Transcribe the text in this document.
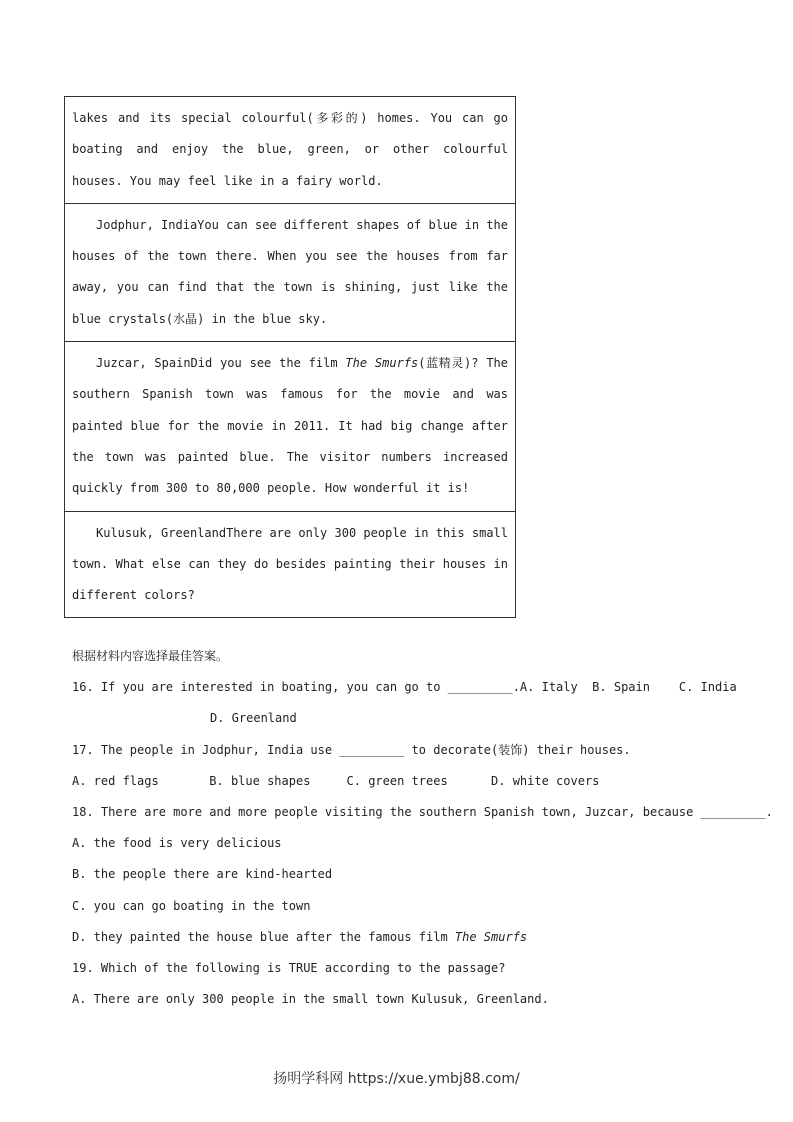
lakes and its special colourful(多彩的) homes. You can go boating and enjoy the blue, green, or other colourful houses. You may feel like in a fairy world.

Jodphur, IndiaYou can see different shapes of blue in the houses of the town there. When you see the houses from far away, you can find that the town is shining, just like the blue crystals(水晶) in the blue sky.

Juzcar, SpainDid you see the film The Smurfs(蓝精灵)? The southern Spanish town was famous for the movie and was painted blue for the movie in 2011. It had big change after the town was painted blue. The visitor numbers increased quickly from 300 to 80,000 people. How wonderful it is!

Kulusuk, GreenlandThere are only 300 people in this small town. What else can they do besides painting their houses in different colors?

根据材料内容选择最佳答案。
16. If you are interested in boating, you can go to _________.A. Italy  B. Spain    C. India
D. Greenland
17. The people in Jodphur, India use _________ to decorate(装饰) their houses.
A. red flags       B. blue shapes     C. green trees      D. white covers
18. There are more and more people visiting the southern Spanish town, Juzcar, because _________.
A. the food is very delicious
B. the people there are kind-hearted
C. you can go boating in the town
D. they painted the house blue after the famous film The Smurfs
19. Which of the following is TRUE according to the passage?
A. There are only 300 people in the small town Kulusuk, Greenland.
扬明学科网 https://xue.ymbj88.com/
